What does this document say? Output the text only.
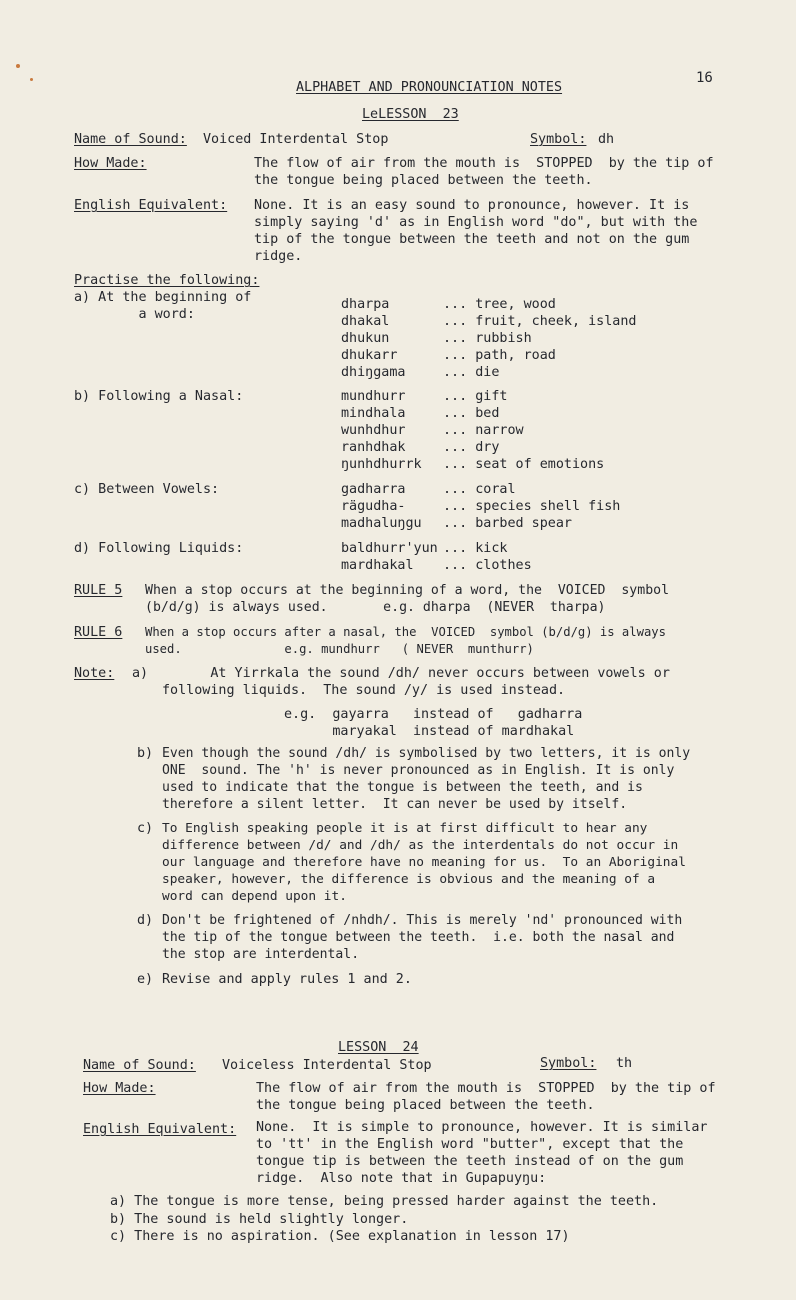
ALPHABET AND PRONOUNCIATION NOTES
16
LeLESSON  23
Name of Sound: Voiced Interdental Stop	Symbol: dh
How Made:	The flow of air from the mouth is  STOPPED  by the tip of
the tongue being placed between the teeth.
English Equivalent: None. It is an easy sound to pronounce, however. It is
simply saying 'd' as in English word "do", but with the
tip of the tongue between the teeth and not on the gum
ridge.
Practise the following:
a) At the beginning of
a word:
dharpa	... tree, wood
dhakal	... fruit, cheek, island
dhukun	... rubbish
dhukarr	... path, road
dhiŋgama	... die
b) Following a Nasal:	mundhurr	... gift
mindhala	... bed
wunhdhur	... narrow
ranhdhak	... dry
ŋunhdhurrk ... seat of emotions
c) Between Vowels:	gadharra	... coral
rägudha-	... species shell fish
madhaluŋgu ... barbed spear
d) Following Liquids:	baldhurr'yun ... kick
mardhakal ... clothes
RULE 5 When a stop occurs at the beginning of a word, the  VOICED  symbol
(b/d/g) is always used.       e.g. dharpa  (NEVER  tharpa)
RULE 6 When a stop occurs after a nasal, the  VOICED  symbol (b/d/g) is always
used.              e.g. mundhurr   ( NEVER  munthurr)
Note: a) At Yirrkala the sound /dh/ never occurs between vowels or
following liquids.  The sound /y/ is used instead.
e.g.  gayarra   instead of   gadharra
maryakal  instead of mardhakal
b) Even though the sound /dh/ is symbolised by two letters, it is only
ONE  sound. The 'h' is never pronounced as in English. It is only
used to indicate that the tongue is between the teeth, and is
therefore a silent letter.  It can never be used by itself.
c) To English speaking people it is at first difficult to hear any
difference between /d/ and /dh/ as the interdentals do not occur in
our language and therefore have no meaning for us.  To an Aboriginal
speaker, however, the difference is obvious and the meaning of a
word can depend upon it.
d) Don't be frightened of /nhdh/. This is merely 'nd' pronounced with
the tip of the tongue between the teeth.  i.e. both the nasal and
the stop are interdental.
e) Revise and apply rules 1 and 2.
LESSON  24
Name of Sound: Voiceless Interdental Stop	Symbol: th
How Made:	The flow of air from the mouth is  STOPPED  by the tip of
the tongue being placed between the teeth.
English Equivalent: None.  It is simple to pronounce, however. It is similar
to 'tt' in the English word "butter", except that the
tongue tip is between the teeth instead of on the gum
ridge.  Also note that in Gupapuyŋu:
a) The tongue is more tense, being pressed harder against the teeth.
b) The sound is held slightly longer.
c) There is no aspiration. (See explanation in lesson 17)
